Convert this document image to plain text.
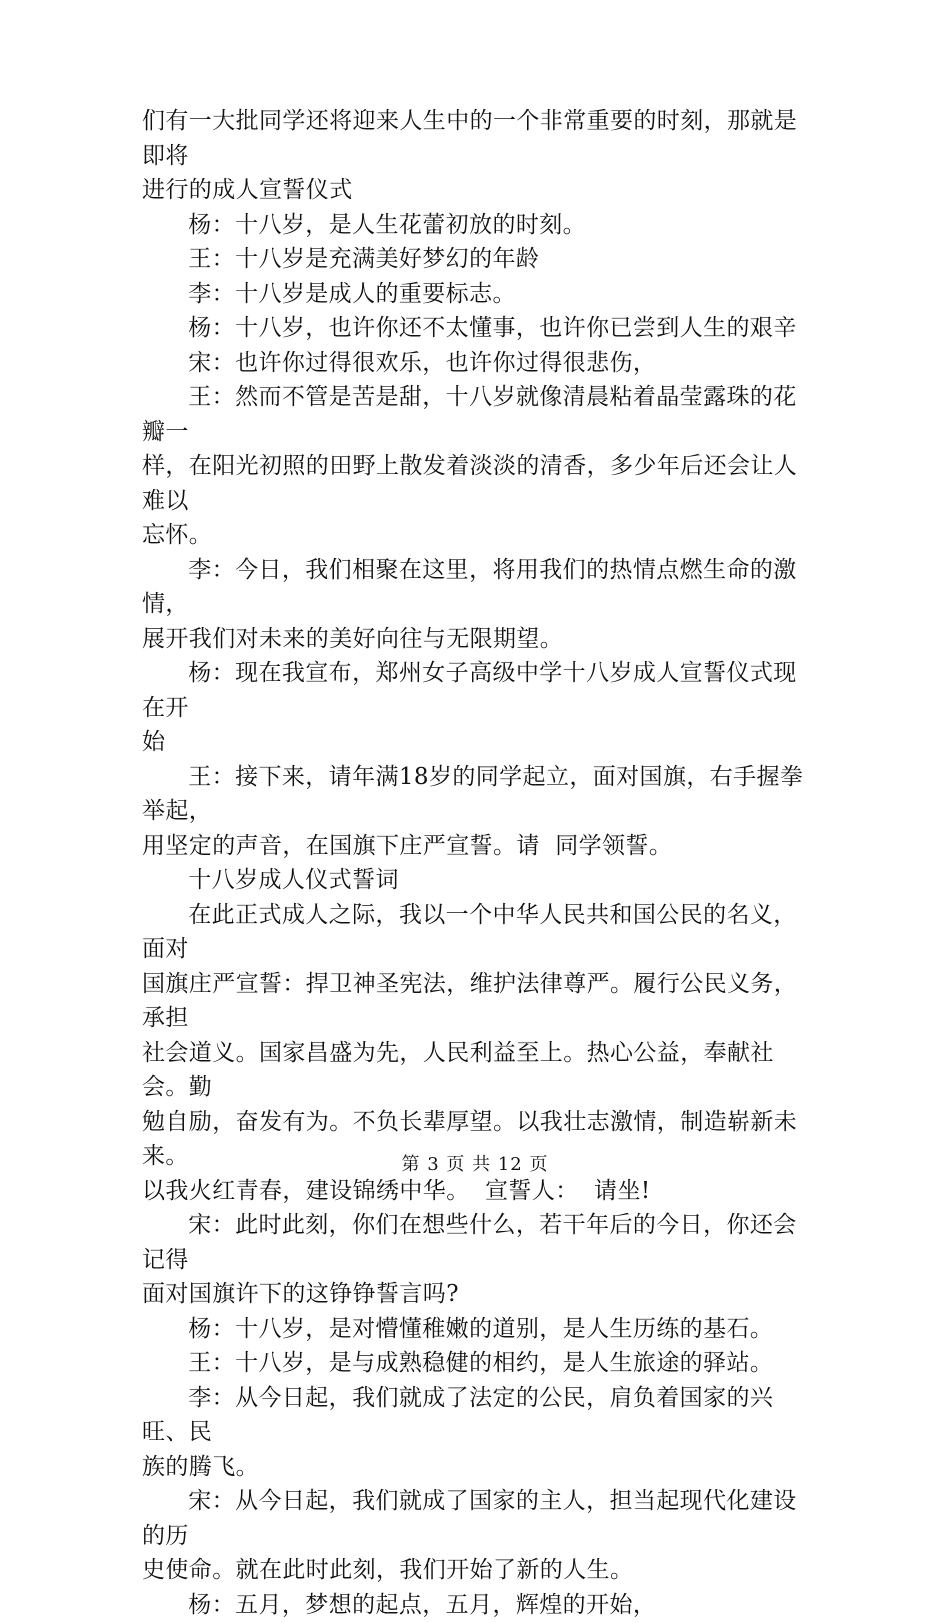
们有一大批同学还将迎来人生中的一个非常重要的时刻，那就是即将
进行的成人宣誓仪式

杨：十八岁，是人生花蕾初放的时刻。

王：十八岁是充满美好梦幻的年龄

李：十八岁是成人的重要标志。

杨：十八岁，也许你还不太懂事，也许你已尝到人生的艰辛

宋：也许你过得很欢乐，也许你过得很悲伤，

王：然而不管是苦是甜，十八岁就像清晨粘着晶莹露珠的花瓣一
样，在阳光初照的田野上散发着淡淡的清香，多少年后还会让人难以
忘怀。

李：今日，我们相聚在这里，将用我们的热情点燃生命的激情，
展开我们对未来的美好向往与无限期望。

杨：现在我宣布，郑州女子高级中学十八岁成人宣誓仪式现在开
始

王：接下来，请年满18岁的同学起立，面对国旗，右手握拳举起，
用坚定的声音，在国旗下庄严宣誓。请  同学领誓。

十八岁成人仪式誓词

在此正式成人之际，我以一个中华人民共和国公民的名义，面对
国旗庄严宣誓：捍卫神圣宪法，维护法律尊严。履行公民义务，承担
社会道义。国家昌盛为先，人民利益至上。热心公益，奉献社会。勤
勉自励，奋发有为。不负长辈厚望。以我壮志激情，制造崭新未来。
以我火红青春，建设锦绣中华。  宣誓人：  请坐!

宋：此时此刻，你们在想些什么，若干年后的今日，你还会记得
面对国旗许下的这铮铮誓言吗?

杨：十八岁，是对懵懂稚嫩的道别，是人生历练的基石。

王：十八岁，是与成熟稳健的相约，是人生旅途的驿站。

李：从今日起，我们就成了法定的公民，肩负着国家的兴旺、民
族的腾飞。

宋：从今日起，我们就成了国家的主人，担当起现代化建设的历
史使命。就在此时此刻，我们开始了新的人生。

杨：五月，梦想的起点，五月，辉煌的开始，

第 3 页 共 12 页
